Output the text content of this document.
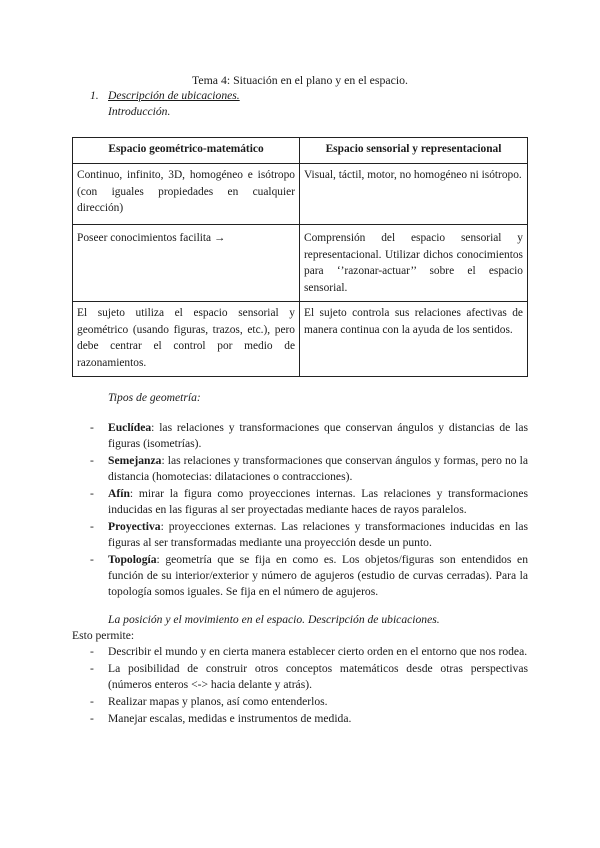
Tema 4: Situación en el plano y en el espacio.
1. Descripción de ubicaciones.
Introducción.
Espacio geométrico-matemático	Espacio sensorial y representacional
Continuo, infinito, 3D, homogéneo e isótropo (con iguales propiedades en cualquier dirección)	Visual, táctil, motor, no homogéneo ni isótropo.
Poseer conocimientos facilita →	Comprensión del espacio sensorial y representacional. Utilizar dichos conocimientos para ‘’razonar-actuar’’ sobre el espacio sensorial.
El sujeto utiliza el espacio sensorial y geométrico (usando figuras, trazos, etc.), pero debe centrar el control por medio de razonamientos.	El sujeto controla sus relaciones afectivas de manera continua con la ayuda de los sentidos.
Tipos de geometría:
- Euclídea: las relaciones y transformaciones que conservan ángulos y distancias de las figuras (isometrías).
- Semejanza: las relaciones y transformaciones que conservan ángulos y formas, pero no la distancia (homotecias: dilataciones o contracciones).
- Afín: mirar la figura como proyecciones internas. Las relaciones y transformaciones inducidas en las figuras al ser proyectadas mediante haces de rayos paralelos.
- Proyectiva: proyecciones externas. Las relaciones y transformaciones inducidas en las figuras al ser transformadas mediante una proyección desde un punto.
- Topología: geometría que se fija en como es. Los objetos/figuras son entendidos en función de su interior/exterior y número de agujeros (estudio de curvas cerradas). Para la topología somos iguales. Se fija en el número de agujeros.
La posición y el movimiento en el espacio. Descripción de ubicaciones.
Esto permite:
- Describir el mundo y en cierta manera establecer cierto orden en el entorno que nos rodea.
- La posibilidad de construir otros conceptos matemáticos desde otras perspectivas (números enteros <-> hacia delante y atrás).
- Realizar mapas y planos, así como entenderlos.
- Manejar escalas, medidas e instrumentos de medida.
